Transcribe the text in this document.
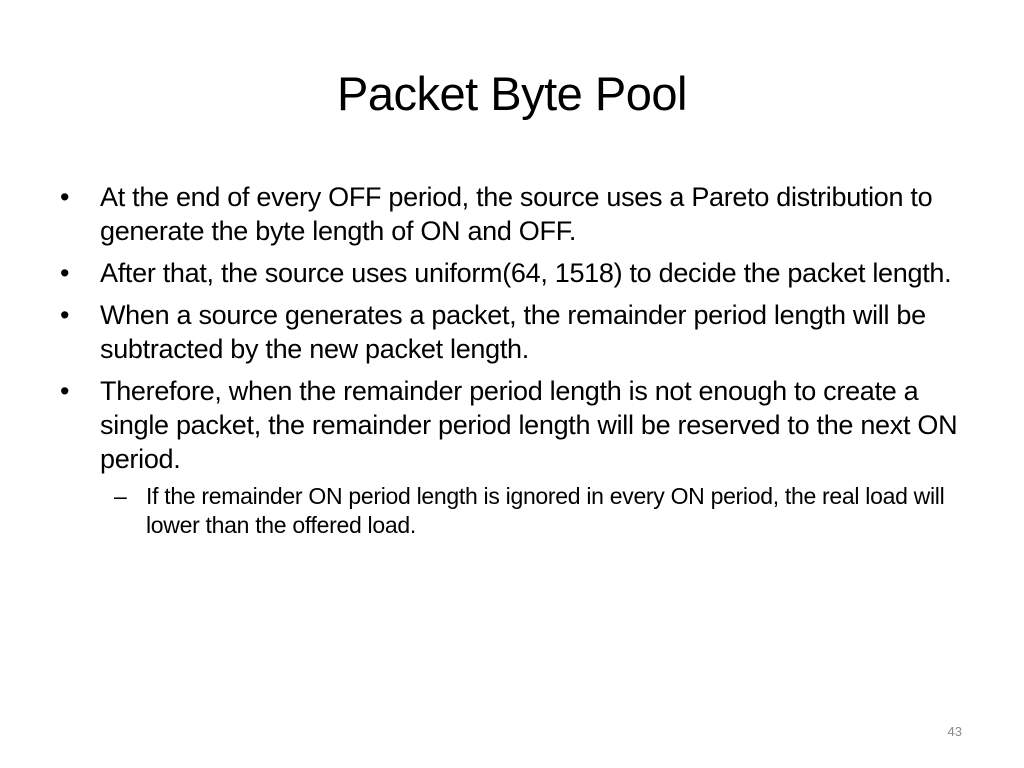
Packet Byte Pool
•	At the end of every OFF period, the source uses a Pareto distribution to generate the byte length of ON and OFF.
•	After that, the source uses uniform(64, 1518) to decide the packet length.
•	When a source generates a packet, the remainder period length will be subtracted by the new packet length.
•	Therefore, when the remainder period length is not enough to create a single packet, the remainder period length will be reserved to the next ON period.
– If the remainder ON period length is ignored in every ON period, the real load will lower than the offered load.
43
